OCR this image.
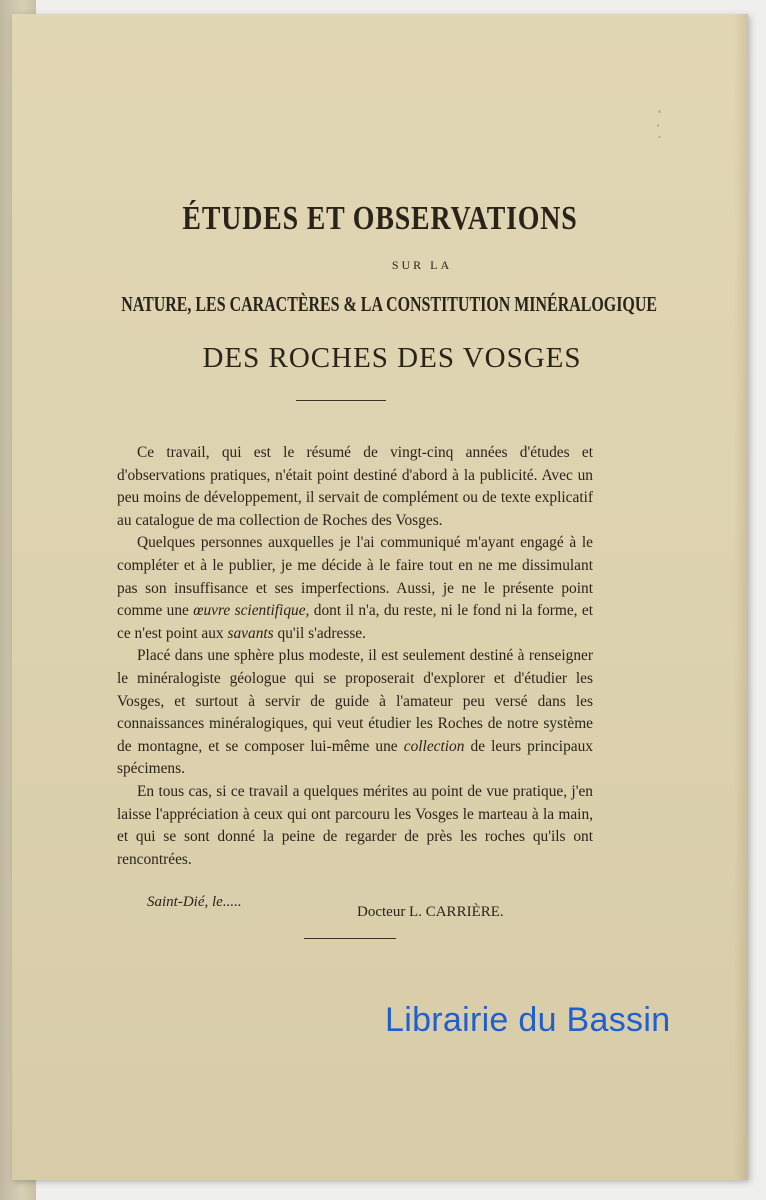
ÉTUDES ET OBSERVATIONS
SUR LA
NATURE, LES CARACTÈRES & LA CONSTITUTION MINÉRALOGIQUE
DES ROCHES DES VOSGES

Ce travail, qui est le résumé de vingt-cinq années d'études et d'observations pratiques, n'était point destiné d'abord à la publicité. Avec un peu moins de développement, il servait de complément ou de texte explicatif au catalogue de ma collection de Roches des Vosges.

Quelques personnes auxquelles je l'ai communiqué m'ayant engagé à le compléter et à le publier, je me décide à le faire tout en ne me dissimulant pas son insuffisance et ses imperfections. Aussi, je ne le présente point comme une œuvre scientifique, dont il n'a, du reste, ni le fond ni la forme, et ce n'est point aux savants qu'il s'adresse.

Placé dans une sphère plus modeste, il est seulement destiné à renseigner le minéralogiste géologue qui se proposerait d'explorer et d'étudier les Vosges, et surtout à servir de guide à l'amateur peu versé dans les connaissances minéralogiques, qui veut étudier les Roches de notre système de montagne, et se composer lui-même une collection de leurs principaux spécimens.

En tous cas, si ce travail a quelques mérites au point de vue pratique, j'en laisse l'appréciation à ceux qui ont parcouru les Vosges le marteau à la main, et qui se sont donné la peine de regarder de près les roches qu'ils ont rencontrées.

Saint-Dié, le.....
Docteur L. CARRIÈRE.
Librairie du Bassin
